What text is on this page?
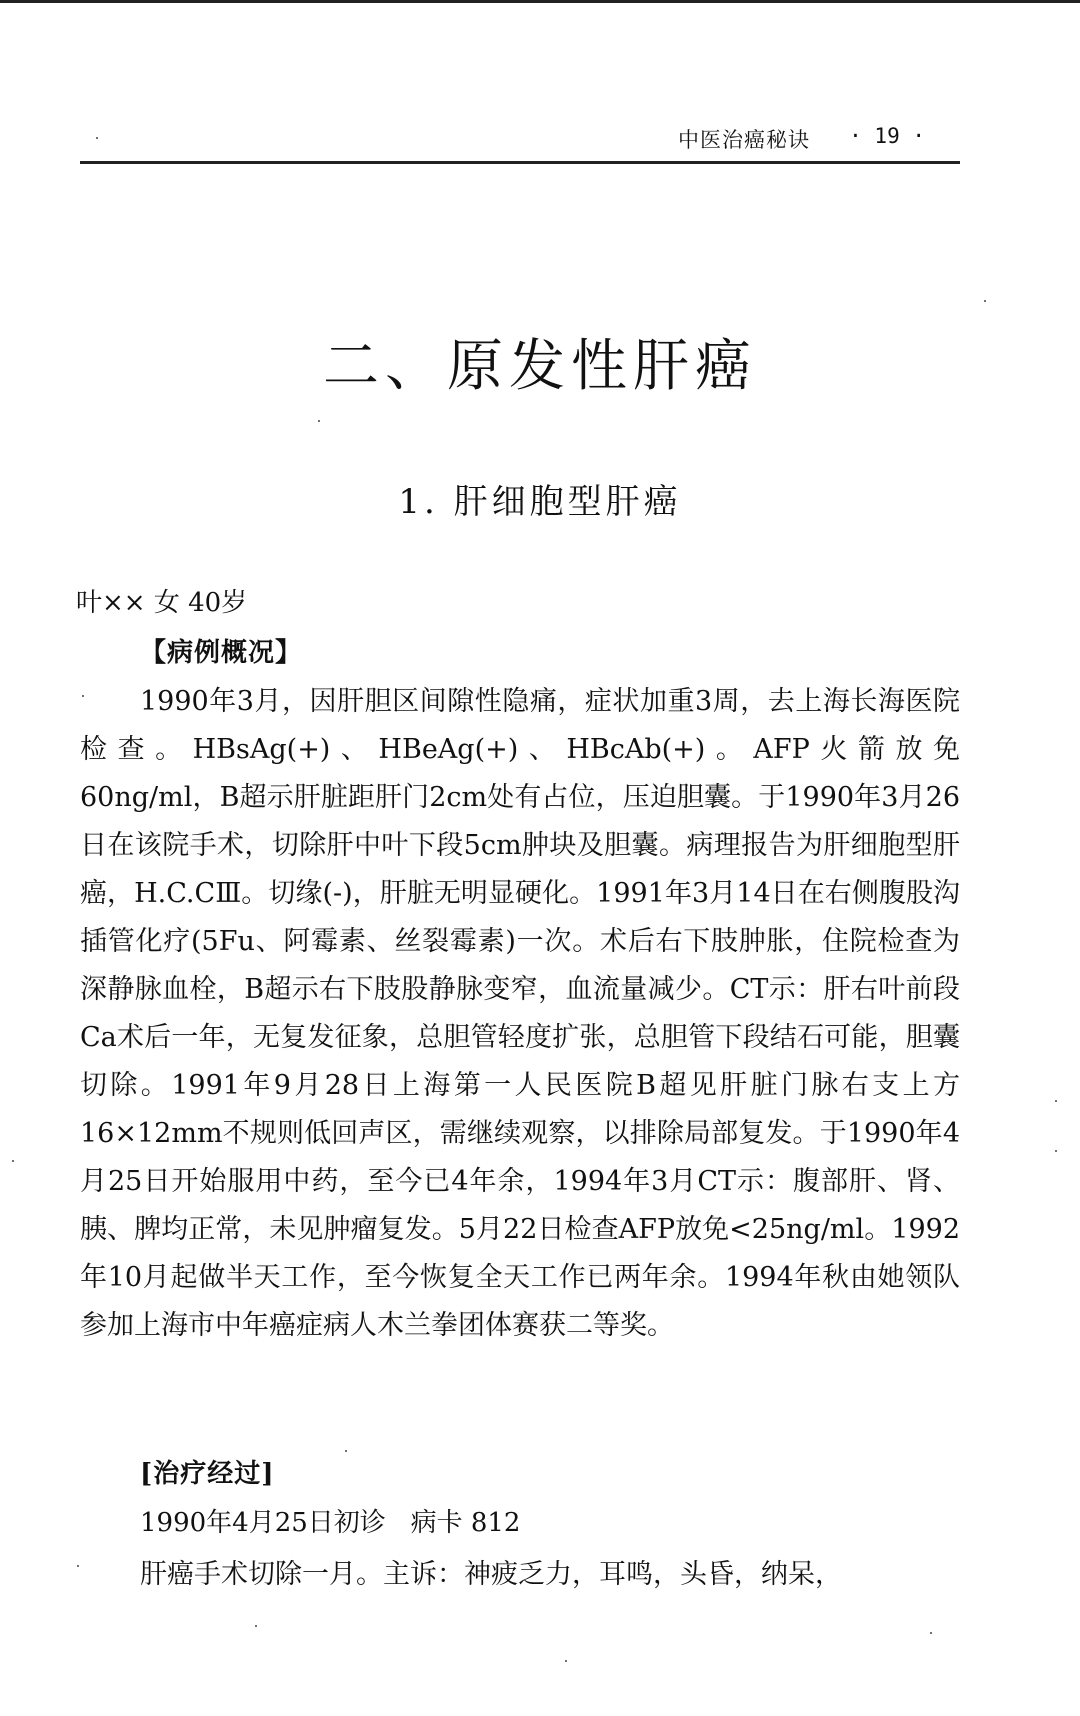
中医治癌秘诀 · 19 ·
二、原发性肝癌
1. 肝细胞型肝癌
叶×× 女 40岁
【病例概况】

1990年3月，因肝胆区间隙性隐痛，症状加重3周，去上海长海医院检查。HBsAg(+)、HBeAg(+)、HBcAb(+)。AFP火箭放免60ng/ml，B超示肝脏距肝门2cm处有占位，压迫胆囊。于1990年3月26日在该院手术，切除肝中叶下段5cm肿块及胆囊。病理报告为肝细胞型肝癌，H.C.CⅢ。切缘(-)，肝脏无明显硬化。1991年3月14日在右侧腹股沟插管化疗(5Fu、阿霉素、丝裂霉素)一次。术后右下肢肿胀，住院检查为深静脉血栓，B超示右下肢股静脉变窄，血流量减少。CT示：肝右叶前段Ca术后一年，无复发征象，总胆管轻度扩张，总胆管下段结石可能，胆囊切除。1991年9月28日上海第一人民医院B超见肝脏门脉右支上方16×12mm不规则低回声区，需继续观察，以排除局部复发。于1990年4月25日开始服用中药，至今已4年余，1994年3月CT示：腹部肝、肾、胰、脾均正常，未见肿瘤复发。5月22日检查AFP放免<25ng/ml。1992年10月起做半天工作，至今恢复全天工作已两年余。1994年秋由她领队参加上海市中年癌症病人木兰拳团体赛获二等奖。

[治疗经过]
1990年4月25日初诊   病卡 812
肝癌手术切除一月。主诉：神疲乏力，耳鸣，头昏，纳呆，
